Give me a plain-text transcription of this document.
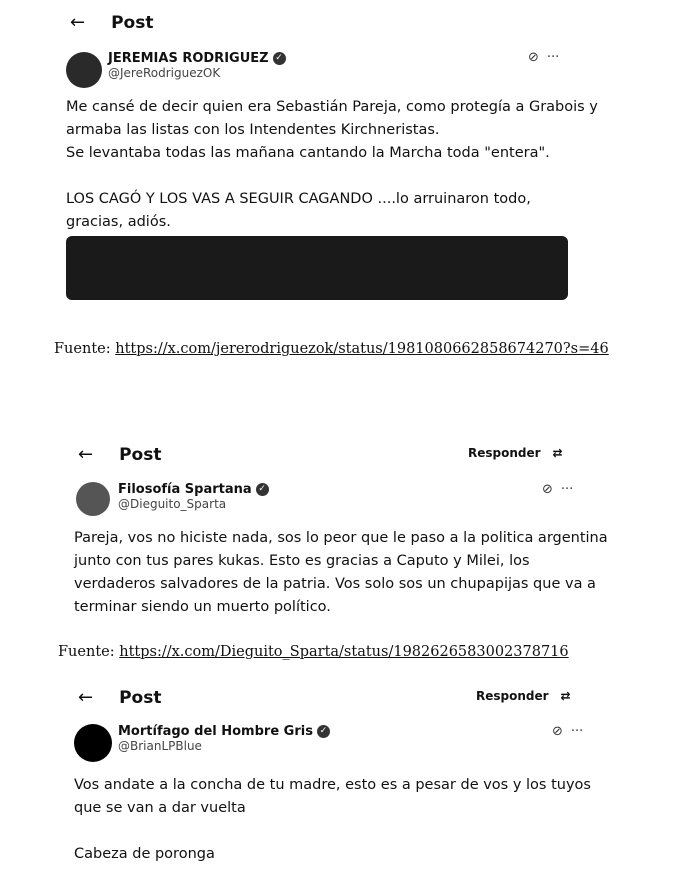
← Post
JEREMIAS RODRIGUEZ ✓
@JereRodriguezOK
⊘ ···
Me cansé de decir quien era Sebastián Pareja, como protegía a Grabois y
armaba las listas con los Intendentes Kirchneristas.
Se levantaba todas las mañana cantando la Marcha toda "entera".
LOS CAGÓ Y LOS VAS A SEGUIR CAGANDO ....lo arruinaron todo,
gracias, adiós.
Fuente: https://x.com/jererodriguezok/status/1981080662858674270?s=46
← Post	Responder ⇄
Filosofía Spartana ✓
@Dieguito_Sparta
⊘ ···
Pareja, vos no hiciste nada, sos lo peor que le paso a la politica argentina
junto con tus pares kukas. Esto es gracias a Caputo y Milei, los
verdaderos salvadores de la patria. Vos solo sos un chupapijas que va a
terminar siendo un muerto político.
Fuente: https://x.com/Dieguito_Sparta/status/1982626583002378716
← Post	Responder ⇄
Mortífago del Hombre Gris ✓
@BrianLPBlue
⊘ ···
Vos andate a la concha de tu madre, esto es a pesar de vos y los tuyos
que se van a dar vuelta
Cabeza de poronga
